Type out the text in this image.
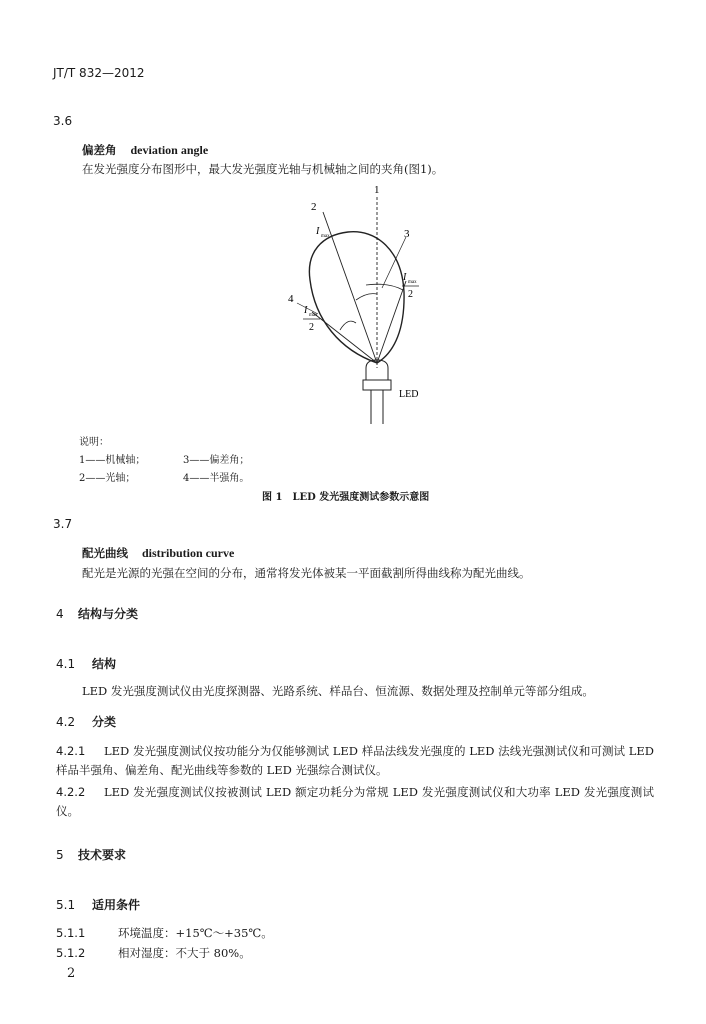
JT/T 832—2012
3.6
偏差角 deviation angle
在发光强度分布图形中，最大发光强度光轴与机械轴之间的夹角(图1)。
1
2
3
4
LED
I max
I max
2
I max
2
说明：
1——机械轴；	3——偏差角；
2——光轴；	4——半强角。
图 1　LED 发光强度测试参数示意图
3.7
配光曲线 distribution curve
配光是光源的光强在空间的分布，通常将发光体被某一平面截割所得曲线称为配光曲线。
4 结构与分类
4.1 结构
LED 发光强度测试仪由光度探测器、光路系统、样品台、恒流源、数据处理及控制单元等部分组成。
4.2 分类
4.2.1 LED 发光强度测试仪按功能分为仅能够测试 LED 样品法线发光强度的 LED 法线光强测试仪和可测试 LED 样品半强角、偏差角、配光曲线等参数的 LED 光强综合测试仪。
4.2.2 LED 发光强度测试仪按被测试 LED 额定功耗分为常规 LED 发光强度测试仪和大功率 LED 发光强度测试仪。
5 技术要求
5.1 适用条件
5.1.1	环境温度：+15℃～+35℃。
5.1.2	相对湿度：不大于 80%。
2
